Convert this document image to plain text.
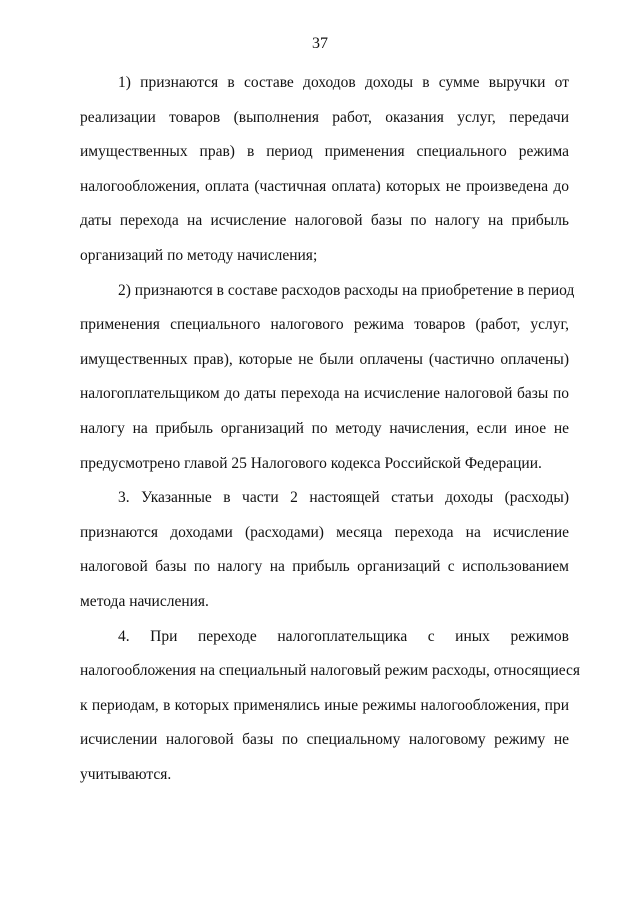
37

1) признаются в составе доходов доходы в сумме выручки от
реализации товаров (выполнения работ, оказания услуг, передачи
имущественных прав) в период применения специального режима
налогообложения, оплата (частичная оплата) которых не произведена до
даты перехода на исчисление налоговой базы по налогу на прибыль
организаций по методу начисления;

2) признаются в составе расходов расходы на приобретение в период
применения специального налогового режима товаров (работ, услуг,
имущественных прав), которые не были оплачены (частично оплачены)
налогоплательщиком до даты перехода на исчисление налоговой базы по
налогу на прибыль организаций по методу начисления, если иное не
предусмотрено главой 25 Налогового кодекса Российской Федерации.

3. Указанные в части 2 настоящей статьи доходы (расходы)
признаются доходами (расходами) месяца перехода на исчисление
налоговой базы по налогу на прибыль организаций с использованием
метода начисления.

4. При переходе налогоплательщика с иных режимов
налогообложения на специальный налоговый режим расходы, относящиеся
к периодам, в которых применялись иные режимы налогообложения, при
исчислении налоговой базы по специальному налоговому режиму не
учитываются.
